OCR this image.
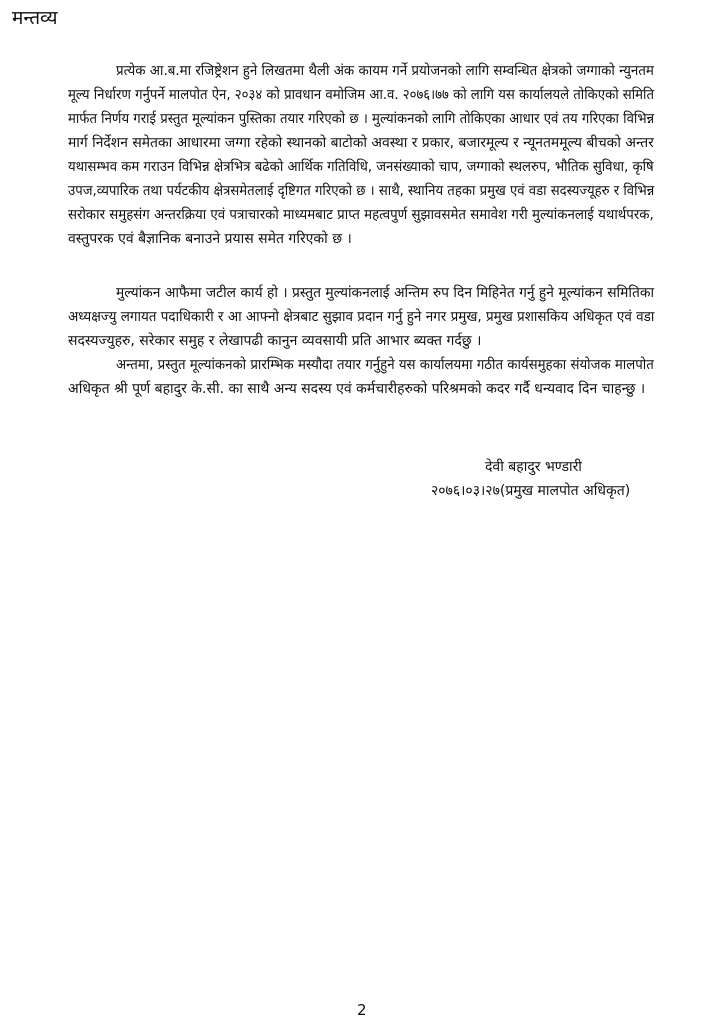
मन्तव्य
प्रत्येक आ.ब.मा रजिष्ट्रेशन हुने लिखतमा थैली अंक कायम गर्ने प्रयोजनको लागि सम्वन्धित क्षेत्रको जग्गाको न्युनतम
मूल्य निर्धारण गर्नुपर्ने मालपोत ऐन, २०३४ को प्रावधान वमोजिम आ.व. २०७६।७७ को लागि यस कार्यालयले तोकिएको समिति
मार्फत निर्णय गराई प्रस्तुत मूल्यांकन पुस्तिका तयार गरिएको छ । मुल्यांकनको लागि तोकिएका आधार एवं तय गरिएका विभिन्न
मार्ग निर्देशन समेतका आधारमा जग्गा रहेको स्थानको बाटोको अवस्था र प्रकार, बजारमूल्य र न्यूनतममूल्य बीचको अन्तर
यथासम्भव कम गराउन विभिन्न क्षेत्रभित्र बढेको आर्थिक गतिविधि, जनसंख्याको चाप, जग्गाको स्थलरुप, भौतिक सुविधा, कृषि
उपज,व्यपारिक तथा पर्यटकीय क्षेत्रसमेतलाई दृष्टिगत गरिएको छ । साथै, स्थानिय तहका प्रमुख एवं वडा सदस्यज्यूहरु र विभिन्न
सरोकार समुहसंग अन्तरक्रिया एवं पत्राचारको माध्यमबाट प्राप्त महत्वपुर्ण सुझावसमेत समावेश गरी मुल्यांकनलाई यथार्थपरक,
वस्तुपरक एवं बैज्ञानिक बनाउने प्रयास समेत गरिएको छ ।
मुल्यांकन आफैमा जटील कार्य हो । प्रस्तुत मुल्यांकनलाई अन्तिम रुप दिन मिहिनेत गर्नु हुने मूल्यांकन समितिका
अध्यक्षज्यु लगायत पदाधिकारी र आ आफ्नो क्षेत्रबाट सुझाव प्रदान गर्नु हुने नगर प्रमुख, प्रमुख प्रशासकिय अधिकृत एवं वडा
सदस्यज्युहरु, सरेकार समुह र लेखापढी कानुन व्यवसायी प्रति आभार ब्यक्त गर्दछु ।
अन्तमा, प्रस्तुत मूल्यांकनको प्रारम्भिक मस्यौदा तयार गर्नुहुने यस कार्यालयमा गठीत कार्यसमुहका संयोजक मालपोत
अधिकृत श्री पूर्ण बहादुर के.सी. का साथै अन्य सदस्य एवं कर्मचारीहरुको परिश्रमको कदर गर्दै धन्यवाद दिन चाहन्छु ।
देवी बहादुर भण्डारी
२०७६।०३।२७(प्रमुख मालपोत अधिकृत)
2
